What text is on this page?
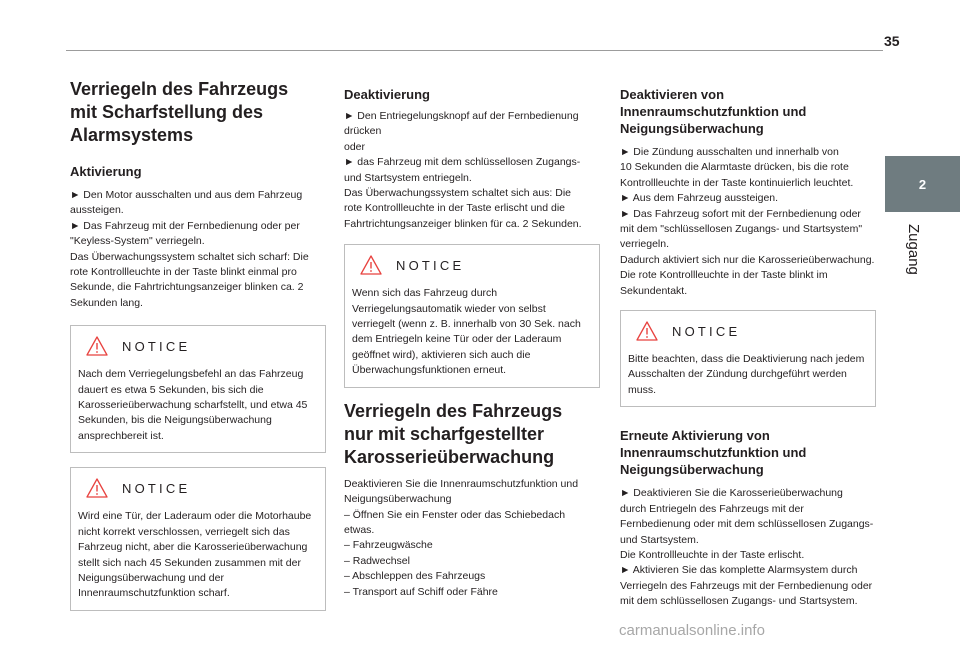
35
2
Zugang
Verriegeln des Fahrzeugs
mit Scharfstellung des
Alarmsystems
Aktivierung
► Den Motor ausschalten und aus dem Fahrzeug
aussteigen.
► Das Fahrzeug mit der Fernbedienung oder per
"Keyless-System" verriegeln.
Das Überwachungssystem schaltet sich scharf: Die
rote Kontrollleuchte in der Taste blinkt einmal pro
Sekunde, die Fahrtrichtungsanzeiger blinken ca. 2
Sekunden lang.
NOTICE
Nach dem Verriegelungsbefehl an das Fahrzeug
dauert es etwa 5 Sekunden, bis sich die
Karosserieüberwachung scharfstellt, und etwa 45
Sekunden, bis die Neigungsüberwachung
ansprechbereit ist.
NOTICE
Wird eine Tür, der Laderaum oder die Motorhaube
nicht korrekt verschlossen, verriegelt sich das
Fahrzeug nicht, aber die Karosserieüberwachung
stellt sich nach 45 Sekunden zusammen mit der
Neigungsüberwachung und der
Innenraumschutzfunktion scharf.
Deaktivierung
► Den Entriegelungsknopf auf der Fernbedienung
drücken
oder
► das Fahrzeug mit dem schlüssellosen Zugangs-
und Startsystem entriegeln.
Das Überwachungssystem schaltet sich aus: Die
rote Kontrollleuchte in der Taste erlischt und die
Fahrtrichtungsanzeiger blinken für ca. 2 Sekunden.
NOTICE
Wenn sich das Fahrzeug durch
Verriegelungsautomatik wieder von selbst
verriegelt (wenn z. B. innerhalb von 30 Sek. nach
dem Entriegeln keine Tür oder der Laderaum
geöffnet wird), aktivieren sich auch die
Überwachungsfunktionen erneut.
Verriegeln des Fahrzeugs
nur mit scharfgestellter
Karosserieüberwachung
Deaktivieren Sie die Innenraumschutzfunktion und
Neigungsüberwachung
– Öffnen Sie ein Fenster oder das Schiebedach
etwas.
– Fahrzeugwäsche
– Radwechsel
– Abschleppen des Fahrzeugs
– Transport auf Schiff oder Fähre
Deaktivieren von
Innenraumschutzfunktion und
Neigungsüberwachung
► Die Zündung ausschalten und innerhalb von
10 Sekunden die Alarmtaste drücken, bis die rote
Kontrollleuchte in der Taste kontinuierlich leuchtet.
► Aus dem Fahrzeug aussteigen.
► Das Fahrzeug sofort mit der Fernbedienung oder
mit dem "schlüssellosen Zugangs- und Startsystem"
verriegeln.
Dadurch aktiviert sich nur die Karosserieüberwachung.
Die rote Kontrollleuchte in der Taste blinkt im
Sekundentakt.
NOTICE
Bitte beachten, dass die Deaktivierung nach jedem
Ausschalten der Zündung durchgeführt werden
muss.
Erneute Aktivierung von
Innenraumschutzfunktion und
Neigungsüberwachung
► Deaktivieren Sie die Karosserieüberwachung
durch Entriegeln des Fahrzeugs mit der
Fernbedienung oder mit dem schlüssellosen Zugangs-
und Startsystem.
Die Kontrollleuchte in der Taste erlischt.
► Aktivieren Sie das komplette Alarmsystem durch
Verriegeln des Fahrzeugs mit der Fernbedienung oder
mit dem schlüssellosen Zugangs- und Startsystem.
carmanualsonline.info
